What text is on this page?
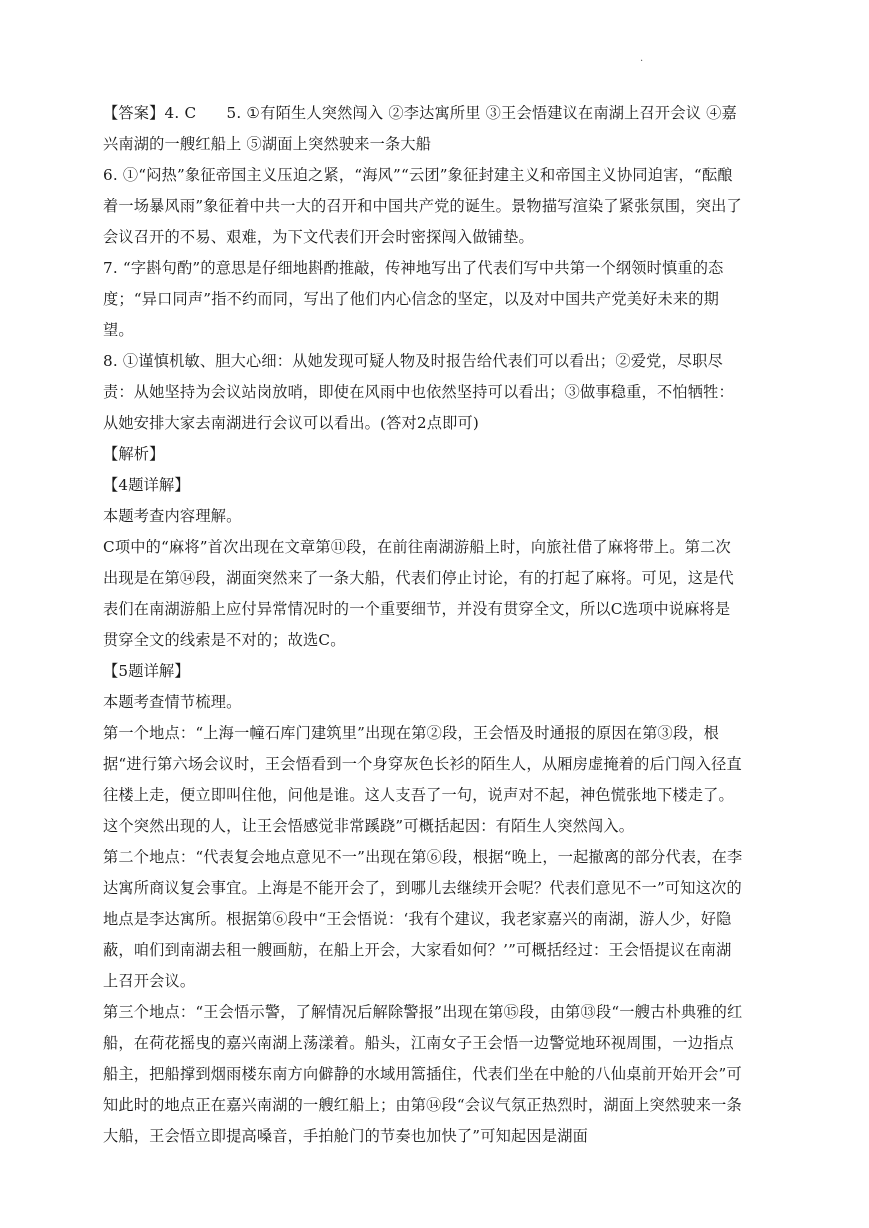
.

【答案】4. C      5. ①有陌生人突然闯入 ②李达寓所里 ③王会悟建议在南湖上召开会议 ④嘉兴南湖的一艘红船上 ⑤湖面上突然驶来一条大船

6. ①“闷热”象征帝国主义压迫之紧，“海风”“云团”象征封建主义和帝国主义协同迫害，“酝酿着一场暴风雨”象征着中共一大的召开和中国共产党的诞生。景物描写渲染了紧张氛围，突出了会议召开的不易、艰难，为下文代表们开会时密探闯入做铺垫。

7. “字斟句酌”的意思是仔细地斟酌推敲，传神地写出了代表们写中共第一个纲领时慎重的态度；“异口同声”指不约而同，写出了他们内心信念的坚定，以及对中国共产党美好未来的期望。

8. ①谨慎机敏、胆大心细：从她发现可疑人物及时报告给代表们可以看出；②爱党，尽职尽责：从她坚持为会议站岗放哨，即使在风雨中也依然坚持可以看出；③做事稳重，不怕牺牲：从她安排大家去南湖进行会议可以看出。(答对2点即可)

【解析】

【4题详解】

本题考查内容理解。

C项中的“麻将”首次出现在文章第⑪段，在前往南湖游船上时，向旅社借了麻将带上。第二次出现是在第⑭段，湖面突然来了一条大船，代表们停止讨论，有的打起了麻将。可见，这是代表们在南湖游船上应付异常情况时的一个重要细节，并没有贯穿全文，所以C选项中说麻将是贯穿全文的线索是不对的；故选C。

【5题详解】

本题考查情节梳理。

第一个地点：“上海一幢石库门建筑里”出现在第②段，王会悟及时通报的原因在第③段，根据“进行第六场会议时，王会悟看到一个身穿灰色长衫的陌生人，从厢房虚掩着的后门闯入径直往楼上走，便立即叫住他，问他是谁。这人支吾了一句，说声对不起，神色慌张地下楼走了。这个突然出现的人，让王会悟感觉非常蹊跷”可概括起因：有陌生人突然闯入。

第二个地点：“代表复会地点意见不一”出现在第⑥段，根据“晚上，一起撤离的部分代表，在李达寓所商议复会事宜。上海是不能开会了，到哪儿去继续开会呢？代表们意见不一”可知这次的地点是李达寓所。根据第⑥段中“王会悟说：‘我有个建议，我老家嘉兴的南湖，游人少，好隐蔽，咱们到南湖去租一艘画舫，在船上开会，大家看如何？’”可概括经过：王会悟提议在南湖上召开会议。

第三个地点：“王会悟示警，了解情况后解除警报”出现在第⑮段，由第⑬段“一艘古朴典雅的红船，在荷花摇曳的嘉兴南湖上荡漾着。船头，江南女子王会悟一边警觉地环视周围，一边指点船主，把船撑到烟雨楼东南方向僻静的水域用篙插住，代表们坐在中舱的八仙桌前开始开会”可知此时的地点正在嘉兴南湖的一艘红船上；由第⑭段“会议气氛正热烈时，湖面上突然驶来一条大船，王会悟立即提高嗓音，手拍舱门的节奏也加快了”可知起因是湖面
